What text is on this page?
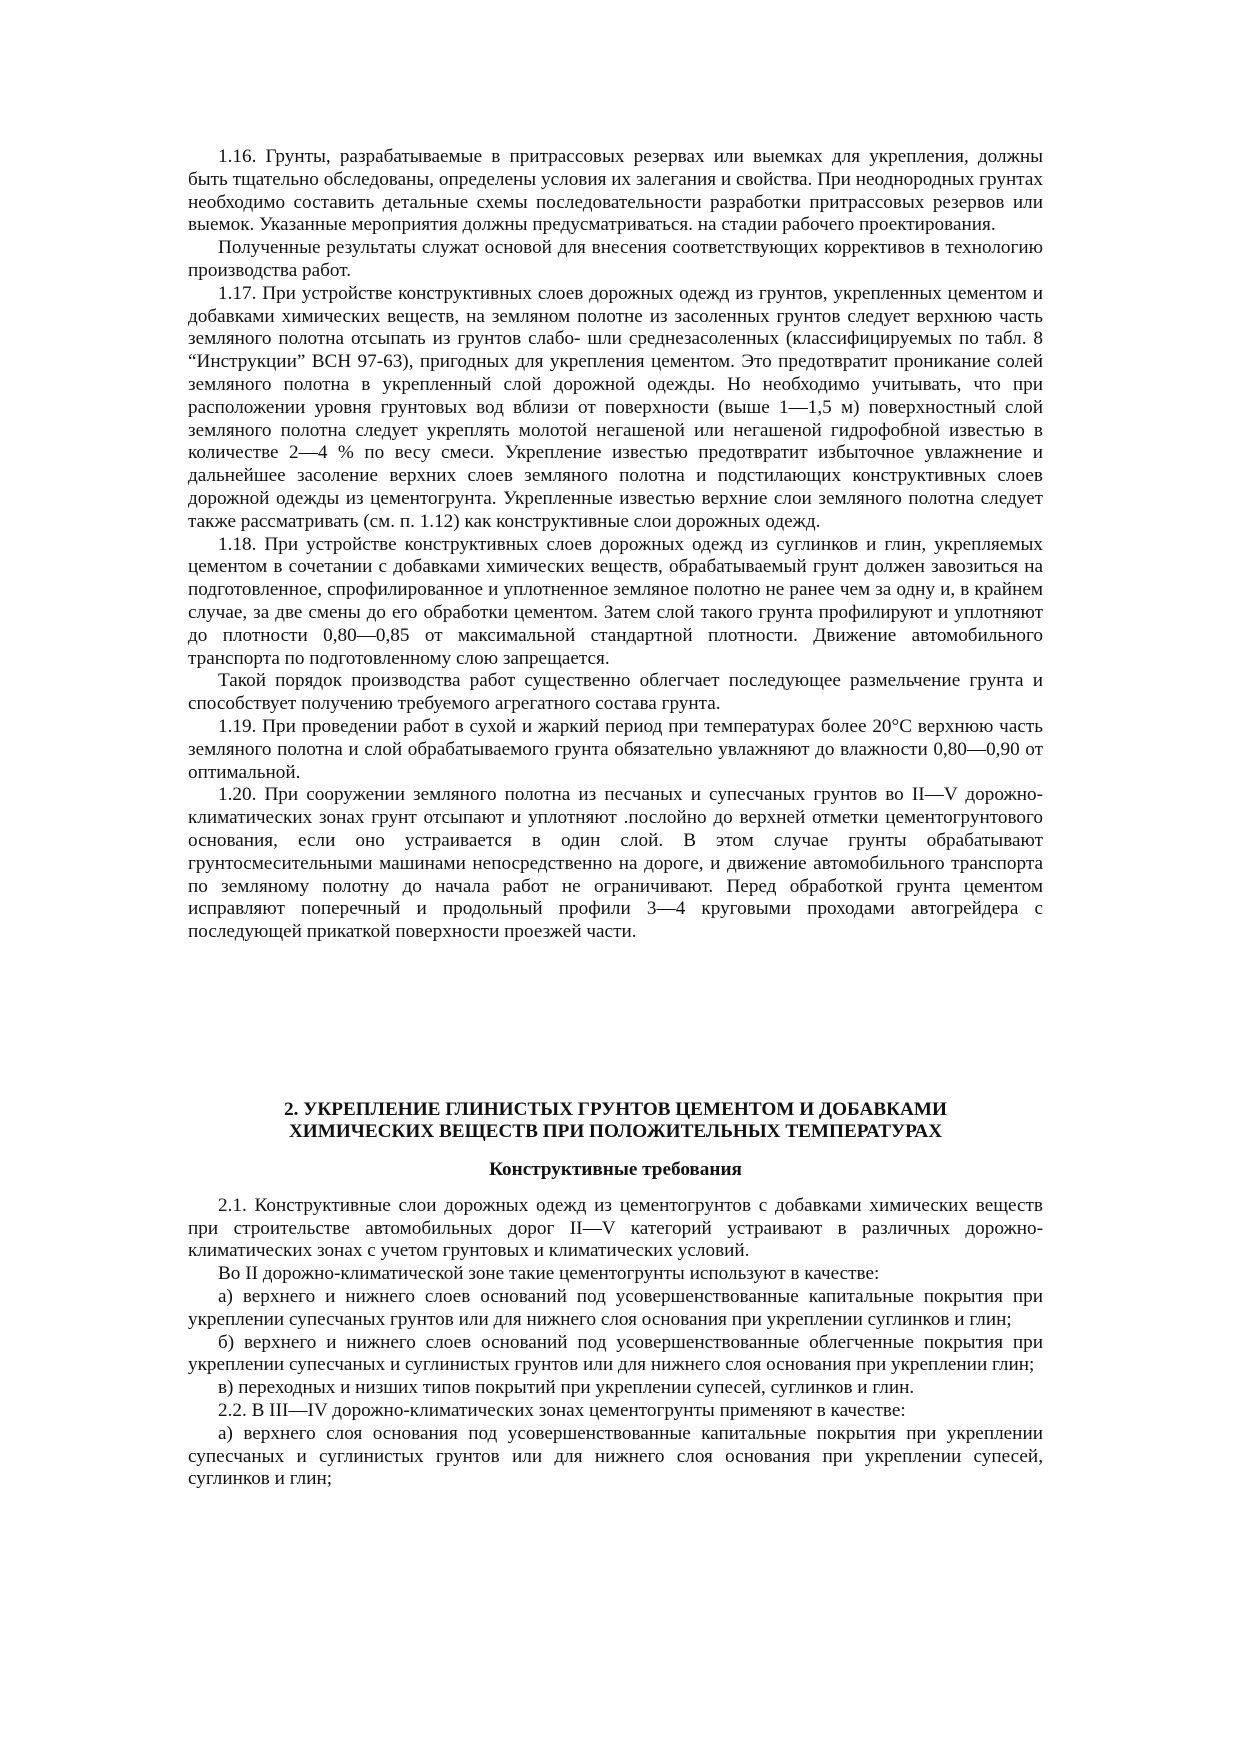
1.16. Грунты, разрабатываемые в притрассовых резервах или выемках для укрепления, должны быть тщательно обследованы, определены условия их залегания и свойства. При неоднородных грунтах необходимо составить детальные схемы последовательности разработки притрассовых резервов или выемок. Указанные мероприятия должны предусматриваться. на стадии рабочего проектирования.

Полученные результаты служат основой для внесения соответствующих коррективов в технологию производства работ.

1.17. При устройстве конструктивных слоев дорожных одежд из грунтов, укрепленных цементом и добавками химических веществ, на земляном полотне из засоленных грунтов следует верхнюю часть земляного полотна отсыпать из грунтов слабо- шли среднезасоленных (классифицируемых по табл. 8 “Инструкции” ВСН 97-63), пригодных для укрепления цементом. Это предотвратит проникание солей земляного полотна в укрепленный слой дорожной одежды. Но необходимо учитывать, что при расположении уровня грунтовых вод вблизи от поверхности (выше 1—1,5 м) поверхностный слой земляного полотна следует укреплять молотой негашеной или негашеной гидрофобной известью в количестве 2—4 % по весу смеси. Укрепление известью предотвратит избыточное увлажнение и дальнейшее засоление верхних слоев земляного полотна и подстилающих конструктивных слоев дорожной одежды из цементогрунта. Укрепленные известью верхние слои земляного полотна следует также рассматривать (см. п. 1.12) как конструктивные слои дорожных одежд.

1.18. При устройстве конструктивных слоев дорожных одежд из суглинков и глин, укрепляемых цементом в сочетании с добавками химических веществ, обрабатываемый грунт должен завозиться на подготовленное, спрофилированное и уплотненное земляное полотно не ранее чем за одну и, в крайнем случае, за две смены до его обработки цементом. Затем слой такого грунта профилируют и уплотняют до плотности 0,80—0,85 от максимальной стандартной плотности. Движение автомобильного транспорта по подготовленному слою запрещается.

Такой порядок производства работ существенно облегчает последующее размельчение грунта и способствует получению требуемого агрегатного состава грунта.

1.19. При проведении работ в сухой и жаркий период при температурах более 20°С верхнюю часть земляного полотна и слой обрабатываемого грунта обязательно увлажняют до влажности 0,80—0,90 от оптимальной.

1.20. При сооружении земляного полотна из песчаных и супесчаных грунтов во II—V дорожно-климатических зонах грунт отсыпают и уплотняют .послойно до верхней отметки цементогрунтового основания, если оно устраивается в один слой. В этом случае грунты обрабатывают грунтосмесительными машинами непосредственно на дороге, и движение автомобильного транспорта по земляному полотну до начала работ не ограничивают. Перед обработкой грунта цементом исправляют поперечный и продольный профили 3—4 круговыми проходами автогрейдера с последующей прикаткой поверхности проезжей части.

2. УКРЕПЛЕНИЕ ГЛИНИСТЫХ ГРУНТОВ ЦЕМЕНТОМ И ДОБАВКАМИ
ХИМИЧЕСКИХ ВЕЩЕСТВ ПРИ ПОЛОЖИТЕЛЬНЫХ ТЕМПЕРАТУРАХ
Конструктивные требования

2.1. Конструктивные слои дорожных одежд из цементогрунтов с добавками химических веществ при строительстве автомобильных дорог II—V категорий устраивают в различных дорожно-климатических зонах с учетом грунтовых и климатических условий.

Во II дорожно-климатической зоне такие цементогрунты используют в качестве:

а) верхнего и нижнего слоев оснований под усовершенствованные капитальные покрытия при укреплении супесчаных грунтов или для нижнего слоя основания при укреплении суглинков и глин;

б) верхнего и нижнего слоев оснований под усовершенствованные облегченные покрытия при укреплении супесчаных и суглинистых грунтов или для нижнего слоя основания при укреплении глин;

в) переходных и низших типов покрытий при укреплении супесей, суглинков и глин.

2.2. В III—IV дорожно-климатических зонах цементогрунты применяют в качестве:

а) верхнего слоя основания под усовершенствованные капитальные покрытия при укреплении супесчаных и суглинистых грунтов или для нижнего слоя основания при укреплении супесей, суглинков и глин;
